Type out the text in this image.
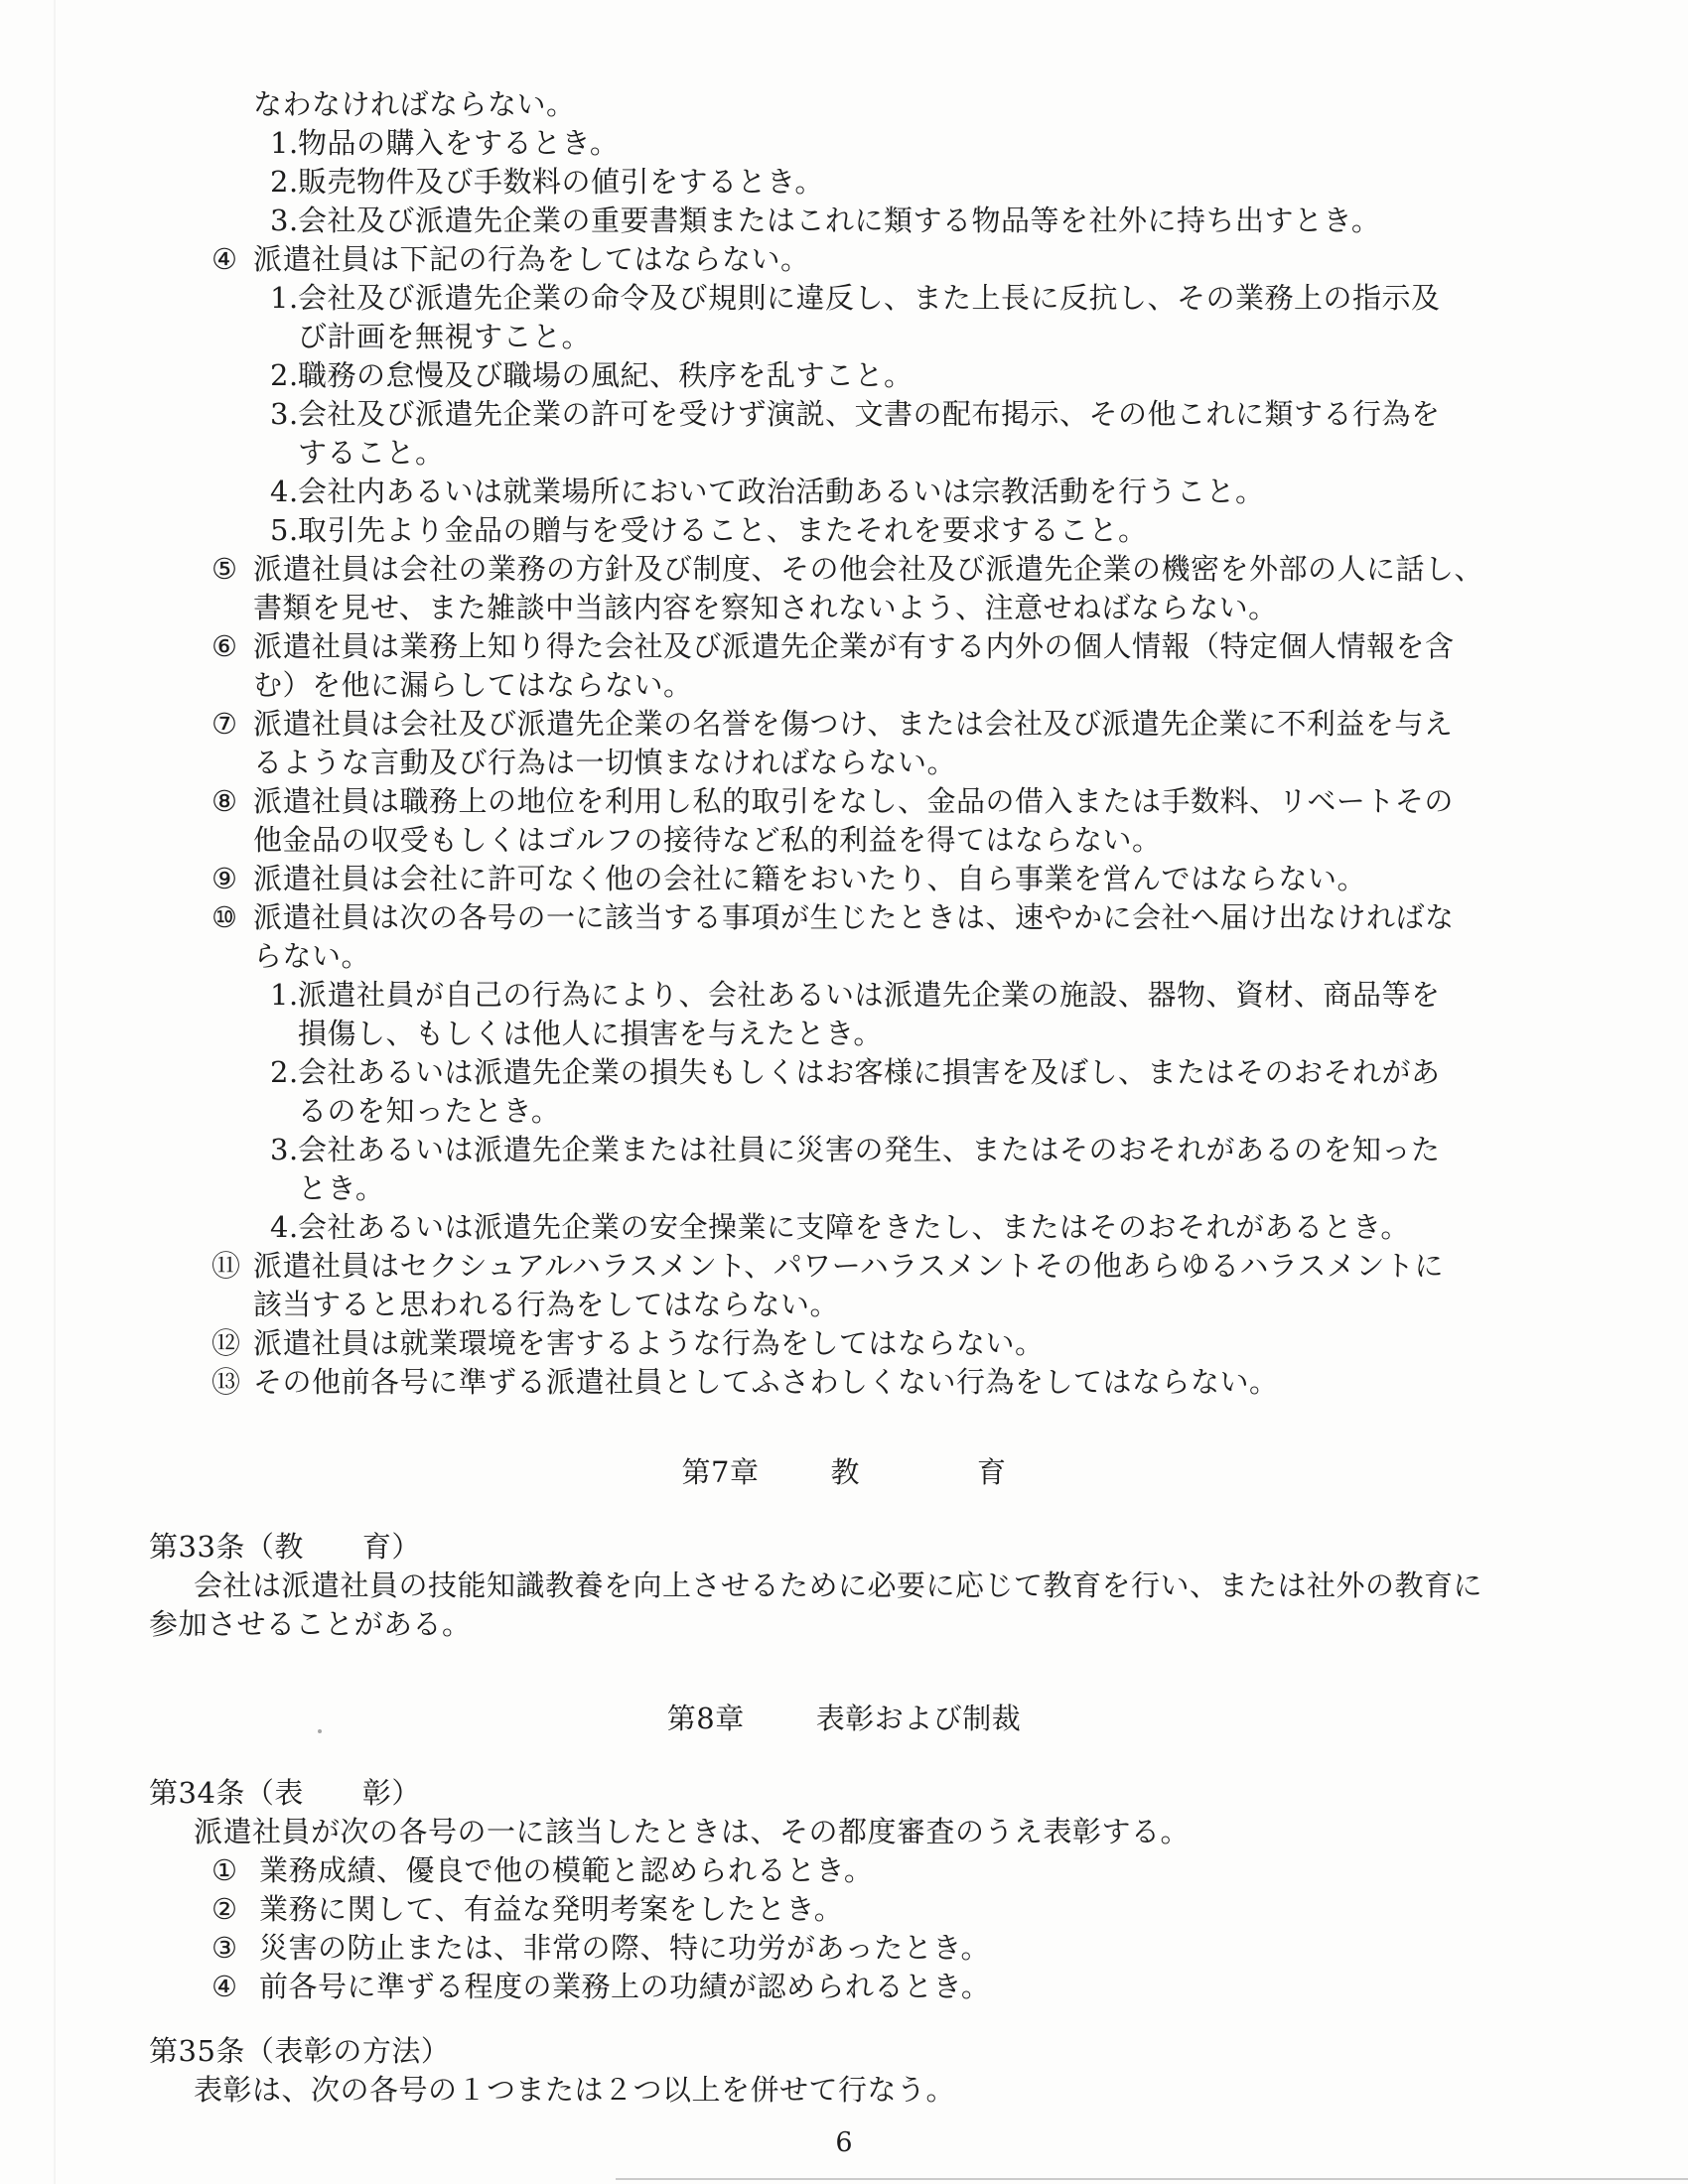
なわなければならない。
1. 物品の購入をするとき。
2. 販売物件及び手数料の値引をするとき。
3. 会社及び派遣先企業の重要書類またはこれに類する物品等を社外に持ち出すとき。
④ 派遣社員は下記の行為をしてはならない。
1. 会社及び派遣先企業の命令及び規則に違反し、また上長に反抗し、その業務上の指示及
び計画を無視すこと。
2. 職務の怠慢及び職場の風紀、秩序を乱すこと。
3. 会社及び派遣先企業の許可を受けず演説、文書の配布掲示、その他これに類する行為を
すること。
4. 会社内あるいは就業場所において政治活動あるいは宗教活動を行うこと。
5. 取引先より金品の贈与を受けること、またそれを要求すること。
⑤ 派遣社員は会社の業務の方針及び制度、その他会社及び派遣先企業の機密を外部の人に話し、
書類を見せ、また雑談中当該内容を察知されないよう、注意せねばならない。
⑥ 派遣社員は業務上知り得た会社及び派遣先企業が有する内外の個人情報（特定個人情報を含
む）を他に漏らしてはならない。
⑦ 派遣社員は会社及び派遣先企業の名誉を傷つけ、または会社及び派遣先企業に不利益を与え
るような言動及び行為は一切慎まなければならない。
⑧ 派遣社員は職務上の地位を利用し私的取引をなし、金品の借入または手数料、リベートその
他金品の収受もしくはゴルフの接待など私的利益を得てはならない。
⑨ 派遣社員は会社に許可なく他の会社に籍をおいたり、自ら事業を営んではならない。
⑩ 派遣社員は次の各号の一に該当する事項が生じたときは、速やかに会社へ届け出なければな
らない。
1. 派遣社員が自己の行為により、会社あるいは派遣先企業の施設、器物、資材、商品等を
損傷し、もしくは他人に損害を与えたとき。
2. 会社あるいは派遣先企業の損失もしくはお客様に損害を及ぼし、またはそのおそれがあ
るのを知ったとき。
3. 会社あるいは派遣先企業または社員に災害の発生、またはそのおそれがあるのを知った
とき。
4. 会社あるいは派遣先企業の安全操業に支障をきたし、またはそのおそれがあるとき。
⑪ 派遣社員はセクシュアルハラスメント、パワーハラスメントその他あらゆるハラスメントに
該当すると思われる行為をしてはならない。
⑫ 派遣社員は就業環境を害するような行為をしてはならない。
⑬ その他前各号に準ずる派遣社員としてふさわしくない行為をしてはならない。
第7章 教　　　　育
第33条（教　　育）
会社は派遣社員の技能知識教養を向上させるために必要に応じて教育を行い、または社外の教育に
参加させることがある。
第8章 表彰および制裁
第34条（表　　彰）
派遣社員が次の各号の一に該当したときは、その都度審査のうえ表彰する。
① 業務成績、優良で他の模範と認められるとき。
② 業務に関して、有益な発明考案をしたとき。
③ 災害の防止または、非常の際、特に功労があったとき。
④ 前各号に準ずる程度の業務上の功績が認められるとき。
第35条（表彰の方法）
表彰は、次の各号の１つまたは２つ以上を併せて行なう。
6
